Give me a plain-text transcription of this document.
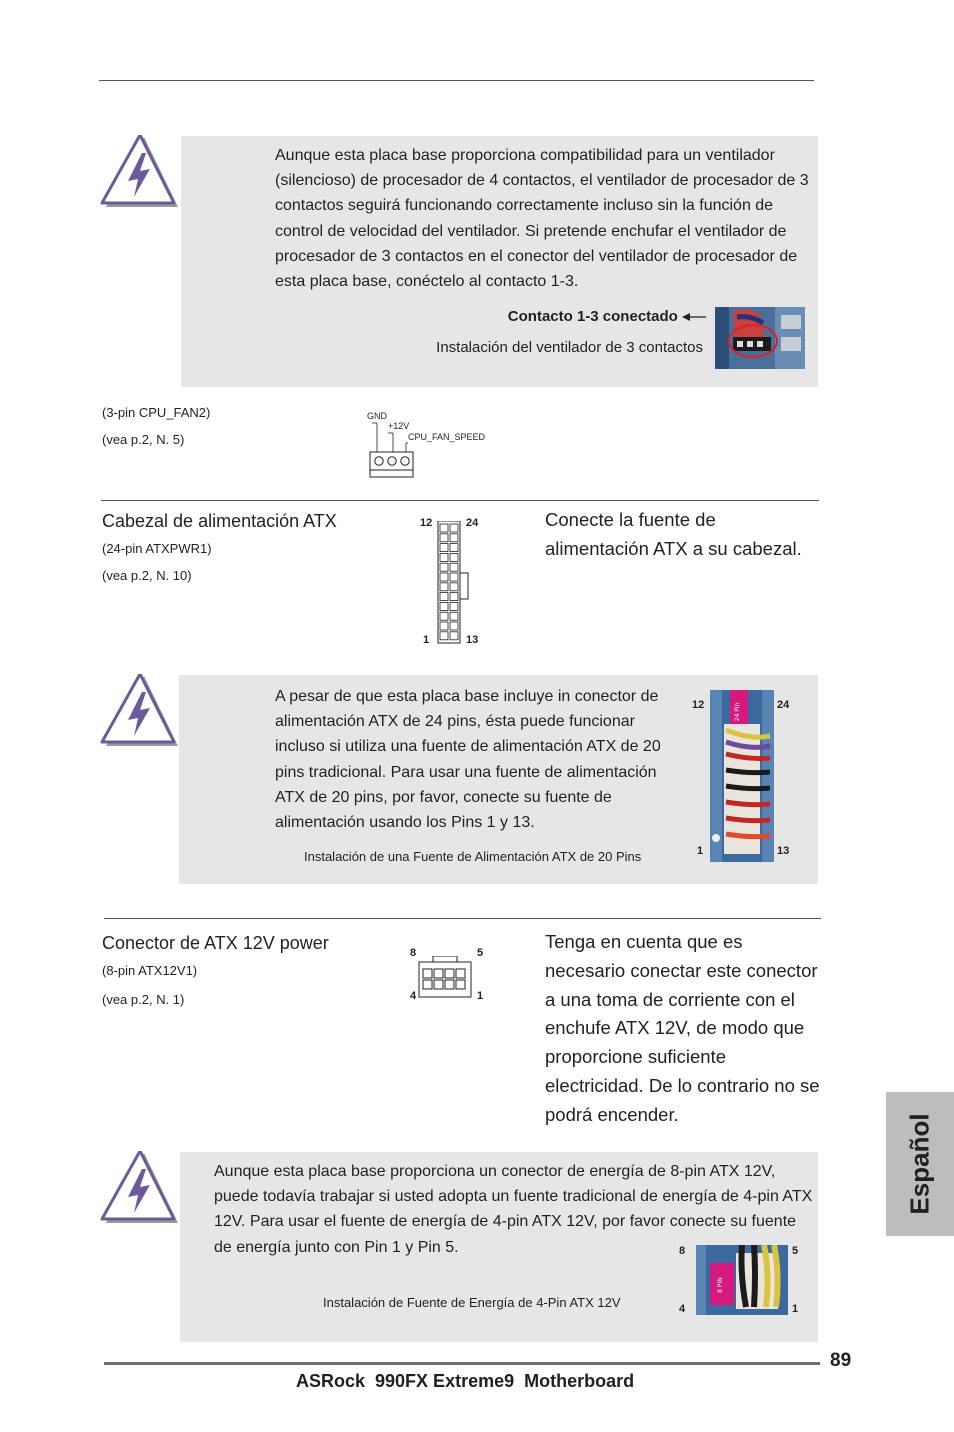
Aunque esta placa base proporciona compatibilidad para un ventilador (silencioso) de procesador de 4 contactos, el ventilador de procesador de 3 contactos seguirá funcionando correctamente incluso sin la función de control de velocidad del ventilador. Si pretende enchufar el ventilador de procesador de 3 contactos en el conector del ventilador de procesador de esta placa base, conéctelo al contacto 1-3.
Contacto 1-3 conectado
Instalación del ventilador de 3 contactos
(3-pin CPU_FAN2)
(vea p.2, N. 5)
GND
+12V
CPU_FAN_SPEED
Cabezal de alimentación ATX
(24-pin ATXPWR1)
(vea p.2, N. 10)
Conecte la fuente de alimentación ATX a su cabezal.
12	24
1	13
A pesar de que esta placa base incluye in conector de alimentación ATX de 24 pins, ésta puede funcionar incluso si utiliza una fuente de alimentación ATX de 20 pins tradicional. Para usar una fuente de alimentación ATX de 20 pins, por favor, conecte su fuente de alimentación usando los Pins 1 y 13.
Instalación de una Fuente de Alimentación ATX de 20 Pins
12	24
1	13
24 Pin
Conector de ATX 12V power
(8-pin ATX12V1)
(vea p.2, N. 1)
Tenga en cuenta que es necesario conectar este conector a una toma de corriente con el enchufe ATX 12V, de modo que proporcione suficiente electricidad. De lo contrario no se podrá encender.
8	5
4	1
Aunque esta placa base proporciona un conector de energía de 8-pin ATX 12V, puede todavía trabajar si usted adopta un fuente tradicional de energía de 4-pin ATX 12V. Para usar el fuente de energía de 4-pin ATX 12V, por favor conecte su fuente de energía junto con Pin 1 y Pin 5.
Instalación de Fuente de Energía de 4-Pin ATX 12V
8	5
4	1
8 PIN
Español
89
ASRock  990FX Extreme9  Motherboard
